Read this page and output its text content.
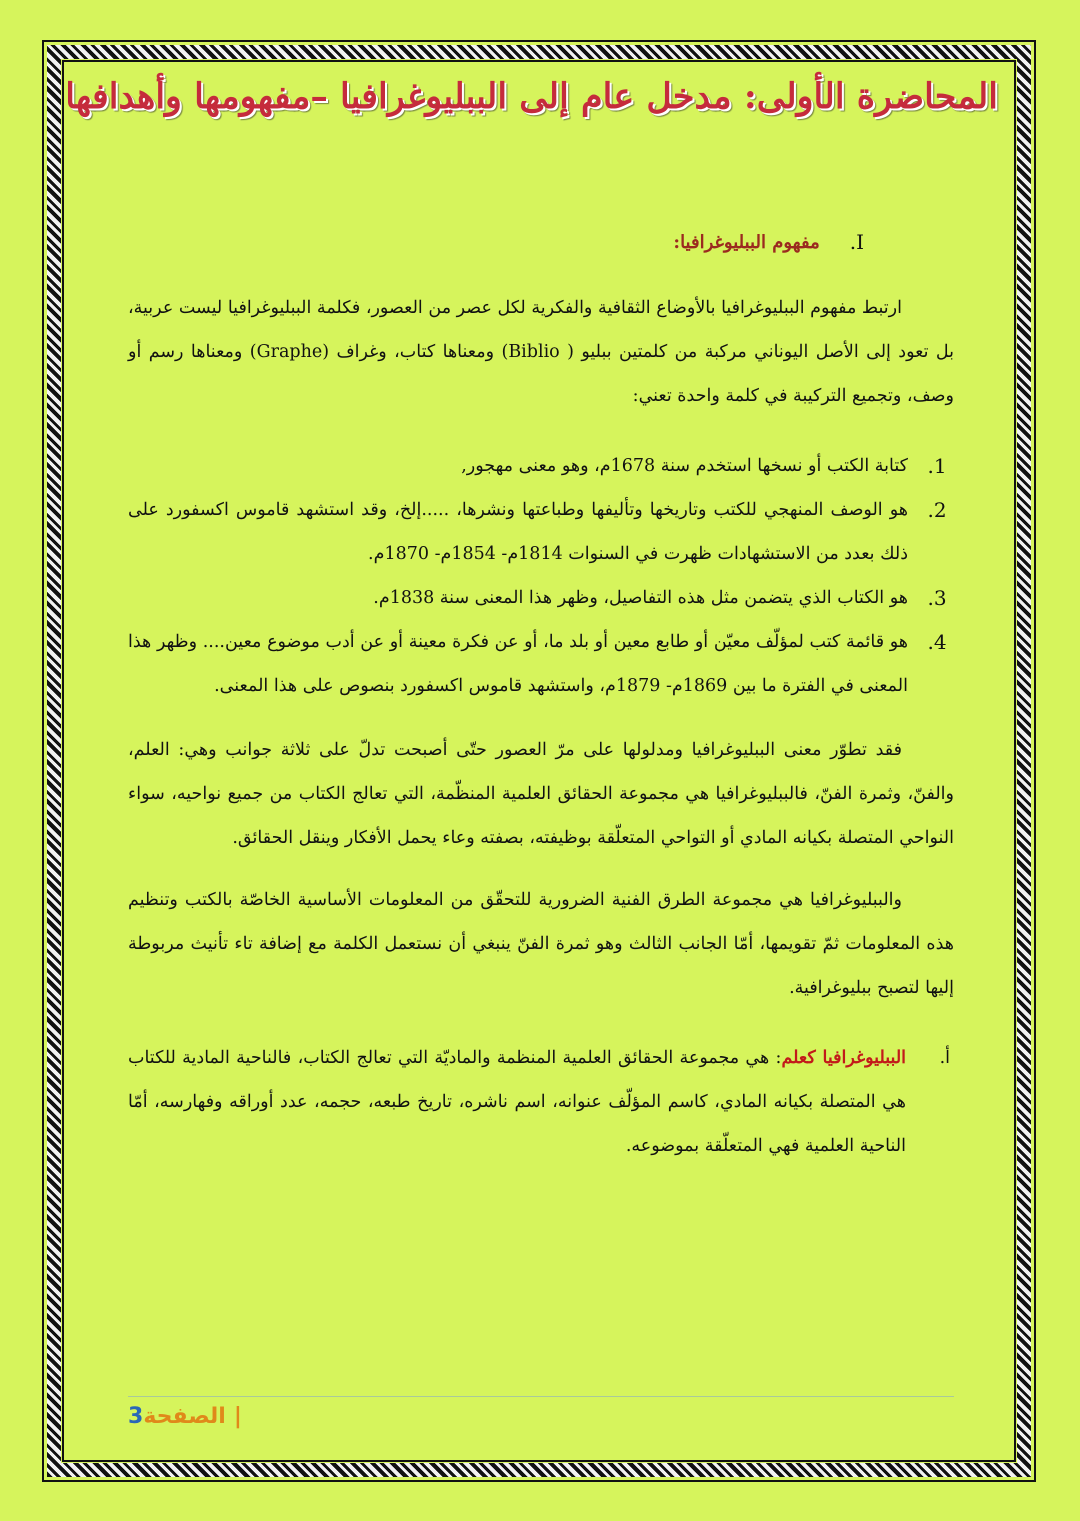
المحاضرة الأولى: مدخل عام إلى الببليوغرافيا –مفهومها وأهدافها
I.
مفهوم الببليوغرافيا:

ارتبط مفهوم الببليوغرافيا بالأوضاع الثقافية والفكرية لكل عصر من العصور، فكلمة الببليوغرافيا ليست عربية، بل تعود إلى الأصل اليوناني مركبة من كلمتين ببليو ( Biblio) ومعناها كتاب، وغراف (Graphe) ومعناها رسم أو وصف، وتجميع التركيبة في كلمة واحدة تعني:

1.
كتابة الكتب أو نسخها استخدم سنة 1678م، وهو معنى مهجور,
2.
هو الوصف المنهجي للكتب وتاريخها وتأليفها وطباعتها ونشرها، .....إلخ، وقد استشهد قاموس اكسفورد على ذلك بعدد من الاستشهادات ظهرت في السنوات 1814م- 1854م- 1870م.
3.
هو الكتاب الذي يتضمن مثل هذه التفاصيل، وظهر هذا المعنى سنة 1838م.
4.
هو قائمة كتب لمؤلّف معيّن أو طابع معين أو بلد ما، أو عن فكرة معينة أو عن أدب موضوع معين.... وظهر هذا المعنى في الفترة ما بين 1869م- 1879م، واستشهد قاموس اكسفورد بنصوص على هذا المعنى.

فقد تطوّر معنى الببليوغرافيا ومدلولها على مرّ العصور حتّى أصبحت تدلّ على ثلاثة جوانب وهي: العلم، والفنّ، وثمرة الفنّ، فالببليوغرافيا هي مجموعة الحقائق العلمية المنظّمة، التي تعالج الكتاب من جميع نواحيه، سواء النواحي المتصلة بكيانه المادي أو التواحي المتعلّقة بوظيفته، بصفته وعاء يحمل الأفكار وينقل الحقائق.

والببليوغرافيا هي مجموعة الطرق الفنية الضرورية للتحقّق من المعلومات الأساسية الخاصّة بالكتب وتنظيم هذه المعلومات ثمّ تقويمها، أمّا الجانب الثالث وهو ثمرة الفنّ ينبغي أن نستعمل الكلمة مع إضافة تاء تأنيث مربوطة إليها لتصبح ببليوغرافية.

أ.
الببليوغرافيا كعلم: هي مجموعة الحقائق العلمية المنظمة والماديّة التي تعالج الكتاب، فالناحية المادية للكتاب هي المتصلة بكيانه المادي، كاسم المؤلّف عنوانه، اسم ناشره، تاريخ طبعه، حجمه، عدد أوراقه وفهارسه، أمّا الناحية العلمية فهي المتعلّقة بموضوعه.
3الصفحة |
